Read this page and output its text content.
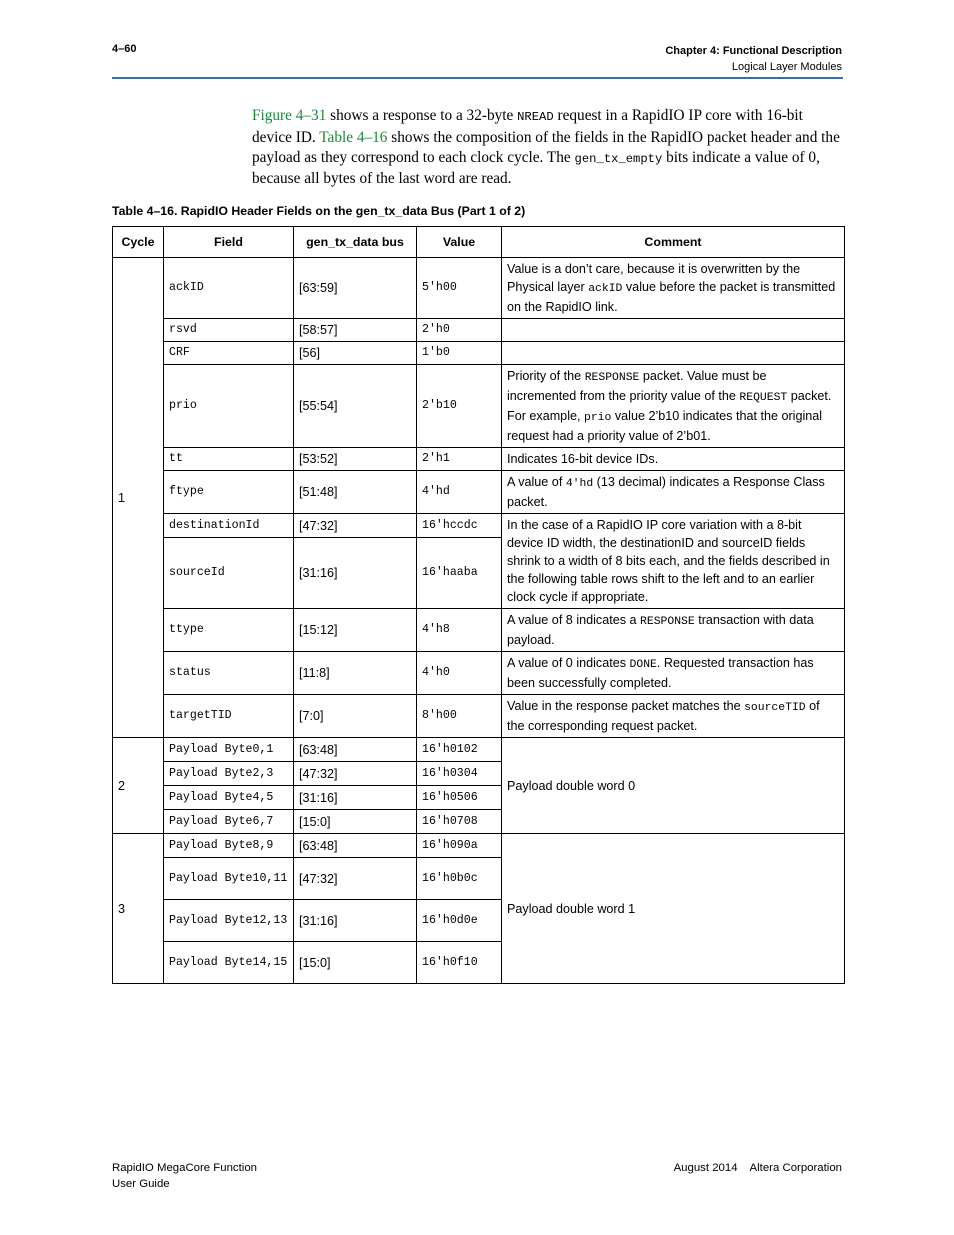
4–60	Chapter 4: Functional Description
Logical Layer Modules
Figure 4–31 shows a response to a 32-byte NREAD request in a RapidIO IP core with 16-bit device ID. Table 4–16 shows the composition of the fields in the RapidIO packet header and the payload as they correspond to each clock cycle. The gen_tx_empty bits indicate a value of 0, because all bytes of the last word are read.
Table 4–16. RapidIO Header Fields on the gen_tx_data Bus (Part 1 of 2)
Cycle	Field	gen_tx_data bus	Value	Comment
1	ackID	[63:59]	5'h00	Value is a don’t care, because it is overwritten by the Physical layer ackID value before the packet is transmitted on the RapidIO link.
	rsvd	[58:57]	2'h0	
	CRF	[56]	1'b0	
	prio	[55:54]	2'b10	Priority of the RESPONSE packet. Value must be incremented from the priority value of the REQUEST packet. For example, prio value 2’b10 indicates that the original request had a priority value of 2’b01.
	tt	[53:52]	2'h1	Indicates 16-bit device IDs.
	ftype	[51:48]	4'hd	A value of 4'hd (13 decimal) indicates a Response Class packet.
	destinationId	[47:32]	16'hccdc	In the case of a RapidIO IP core variation with a 8-bit device ID width, the destinationID and sourceID fields shrink to a width of 8 bits each, and the fields described in the following table rows shift to the left and to an earlier clock cycle if appropriate.
	sourceId	[31:16]	16'haaba	
	ttype	[15:12]	4'h8	A value of 8 indicates a RESPONSE transaction with data payload.
	status	[11:8]	4'h0	A value of 0 indicates DONE. Requested transaction has been successfully completed.
	targetTID	[7:0]	8'h00	Value in the response packet matches the sourceTID of the corresponding request packet.
2	Payload Byte0,1	[63:48]	16'h0102	Payload double word 0
	Payload Byte2,3	[47:32]	16'h0304	
	Payload Byte4,5	[31:16]	16'h0506	
	Payload Byte6,7	[15:0]	16'h0708	
3	Payload Byte8,9	[63:48]	16'h090a	Payload double word 1
	Payload Byte10,11	[47:32]	16'h0b0c	
	Payload Byte12,13	[31:16]	16'h0d0e	
	Payload Byte14,15	[15:0]	16'h0f10	
RapidIO MegaCore Function
User Guide
August 2014    Altera Corporation
